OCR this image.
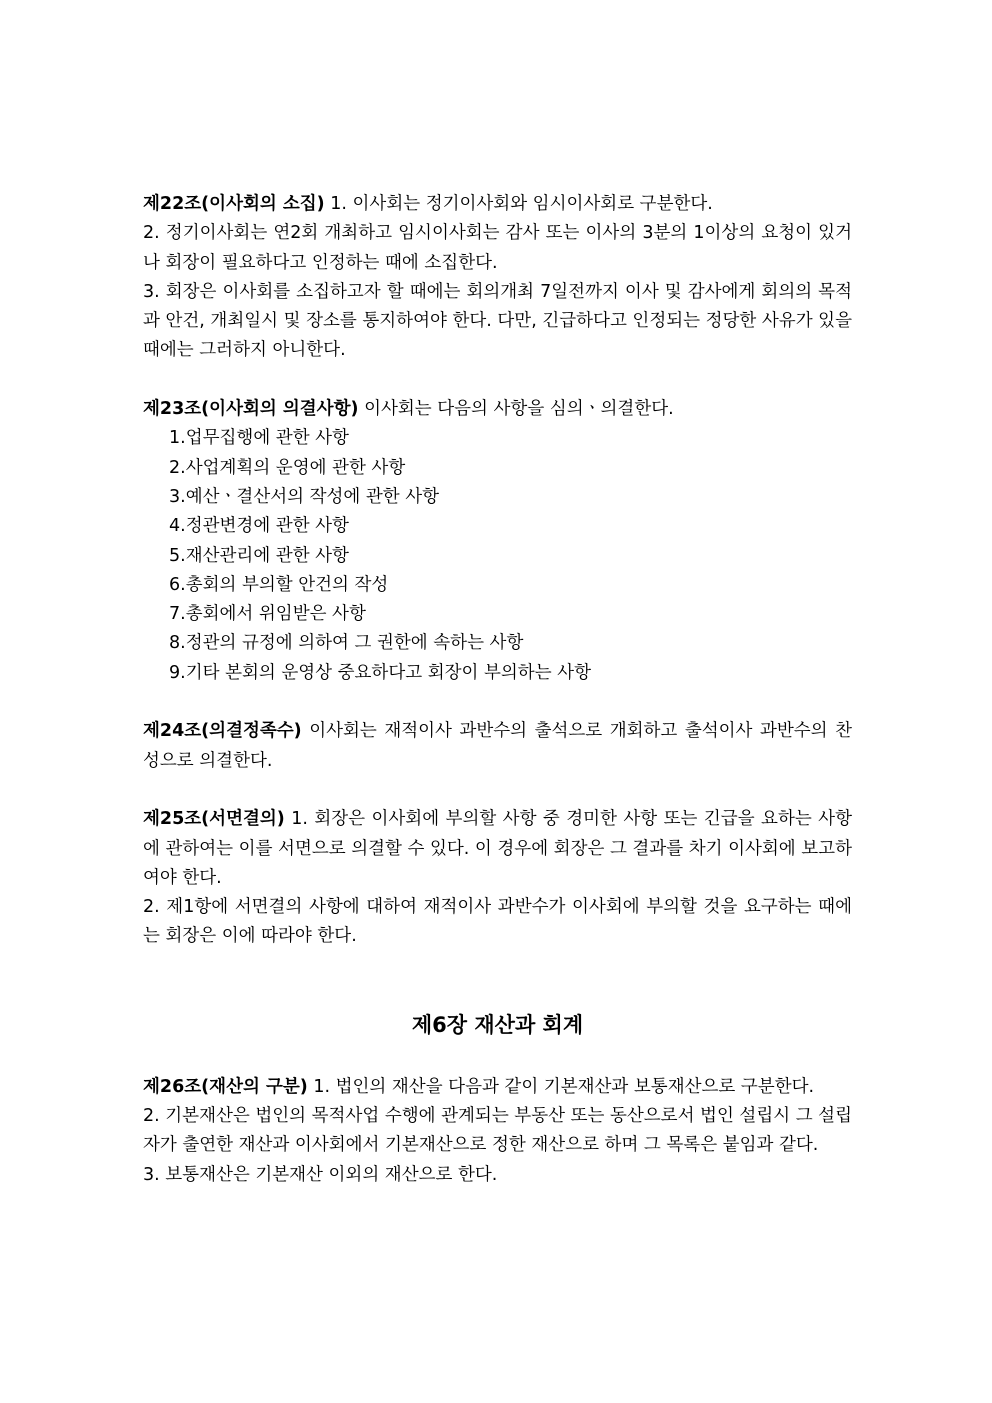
제22조(이사회의 소집) 1. 이사회는 정기이사회와 임시이사회로 구분한다.

2. 정기이사회는 연2회 개최하고 임시이사회는 감사 또는 이사의 3분의 1이상의 요청이 있거나 회장이 필요하다고 인정하는 때에 소집한다.

3. 회장은 이사회를 소집하고자 할 때에는 회의개최 7일전까지 이사 및 감사에게 회의의 목적과 안건, 개최일시 및 장소를 통지하여야 한다. 다만, 긴급하다고 인정되는 정당한 사유가 있을 때에는 그러하지 아니한다.

제23조(이사회의 의결사항) 이사회는 다음의 사항을 심의ㆍ의결한다.

1.업무집행에 관한 사항
2.사업계획의 운영에 관한 사항
3.예산ㆍ결산서의 작성에 관한 사항
4.정관변경에 관한 사항
5.재산관리에 관한 사항
6.총회의 부의할 안건의 작성
7.총회에서 위임받은 사항
8.정관의 규정에 의하여 그 권한에 속하는 사항
9.기타 본회의 운영상 중요하다고 회장이 부의하는 사항

제24조(의결정족수) 이사회는 재적이사 과반수의 출석으로 개회하고 출석이사 과반수의 찬성으로 의결한다.

제25조(서면결의) 1. 회장은 이사회에 부의할 사항 중 경미한 사항 또는 긴급을 요하는 사항에 관하여는 이를 서면으로 의결할 수 있다. 이 경우에 회장은 그 결과를 차기 이사회에 보고하여야 한다.

2. 제1항에 서면결의 사항에 대하여 재적이사 과반수가 이사회에 부의할 것을 요구하는 때에는 회장은 이에 따라야 한다.

제6장 재산과 회계

제26조(재산의 구분) 1. 법인의 재산을 다음과 같이 기본재산과 보통재산으로 구분한다.

2. 기본재산은 법인의 목적사업 수행에 관계되는 부동산 또는 동산으로서 법인 설립시 그 설립자가 출연한 재산과 이사회에서 기본재산으로 정한 재산으로 하며 그 목록은 붙임과 같다.

3. 보통재산은 기본재산 이외의 재산으로 한다.
